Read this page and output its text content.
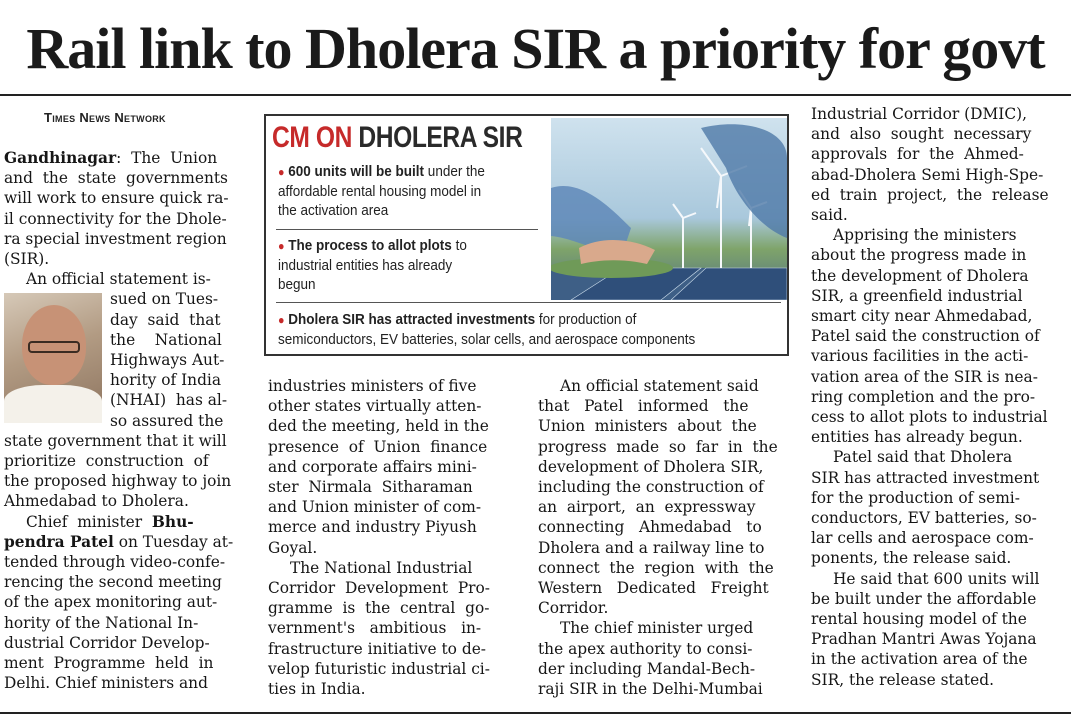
Rail link to Dholera SIR a priority for govt
Times News Network
Gandhinagar:  The  Union
and  the  state  governments
will work to ensure quick ra-
il connectivity for the Dhole-
ra special investment region
(SIR).
An official statement is-
sued on Tues-
day  said  that
the    National
Highways Aut-
hority of India
(NHAI)  has al-
so assured the
state government that it will
prioritize  construction  of
the proposed highway to join
Ahmedabad to Dholera.
Chief  minister  Bhu-
pendra Patel on Tuesday at-
tended through video-confe-
rencing the second meeting
of the apex monitoring aut-
hority of the National In-
dustrial Corridor Develop-
ment  Programme  held  in
Delhi. Chief ministers and
CM ON DHOLERA SIR
● 600 units will be built under the
affordable rental housing model in
the activation area
● The process to allot plots to
industrial entities has already
begun
● Dholera SIR has attracted investments for production of
semiconductors, EV batteries, solar cells, and aerospace components
industries ministers of five
other states virtually atten-
ded the meeting, held in the
presence  of  Union  finance
and corporate affairs mini-
ster  Nirmala  Sitharaman
and Union minister of com-
merce and industry Piyush
Goyal.
The National Industrial
Corridor  Development  Pro-
gramme  is  the  central  go-
vernment's   ambitious   in-
frastructure initiative to de-
velop futuristic industrial ci-
ties in India.
An official statement said
that   Patel   informed   the
Union  ministers  about  the
progress  made  so  far  in  the
development of Dholera SIR,
including the construction of
an  airport,  an  expressway
connecting   Ahmedabad   to
Dholera and a railway line to
connect  the  region  with  the
Western   Dedicated   Freight
Corridor.
The chief minister urged
the apex authority to consi-
der including Mandal-Bech-
raji SIR in the Delhi-Mumbai
Industrial Corridor (DMIC),
and  also  sought  necessary
approvals  for  the  Ahmed-
abad-Dholera Semi High-Spe-
ed  train  project,  the  release
said.
Apprising the ministers
about the progress made in
the development of Dholera
SIR, a greenfield industrial
smart city near Ahmedabad,
Patel said the construction of
various facilities in the acti-
vation area of the SIR is nea-
ring completion and the pro-
cess to allot plots to industrial
entities has already begun.
Patel said that Dholera
SIR has attracted investment
for the production of semi-
conductors, EV batteries, so-
lar cells and aerospace com-
ponents, the release said.
He said that 600 units will
be built under the affordable
rental housing model of the
Pradhan Mantri Awas Yojana
in the activation area of the
SIR, the release stated.
